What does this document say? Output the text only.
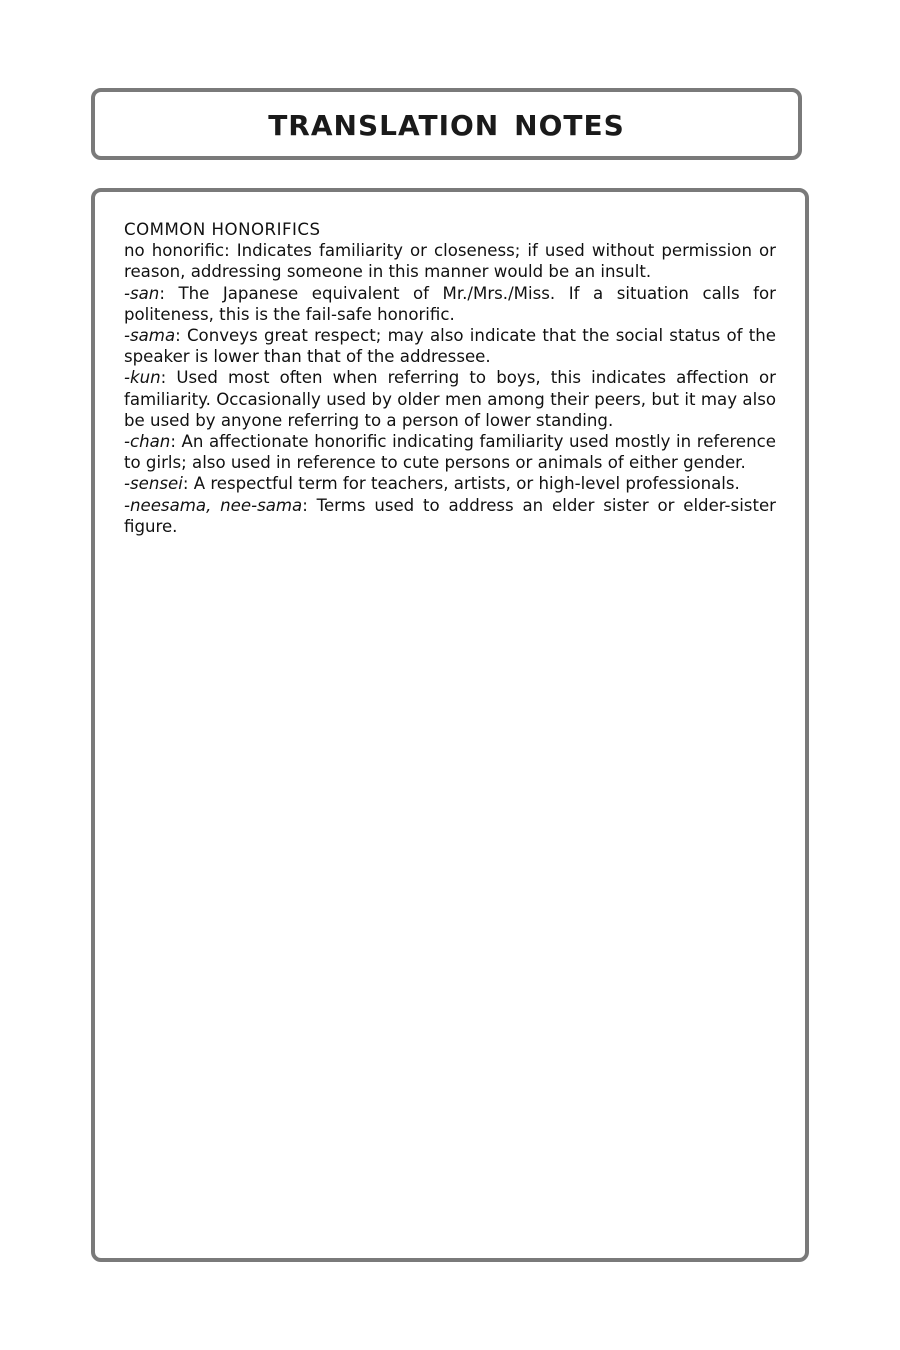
translation notes
COMMON HONORIFICS
no honorific: Indicates familiarity or closeness; if used without permission or reason, addressing someone in this manner would be an insult.
-san: The Japanese equivalent of Mr./Mrs./Miss. If a situation calls for politeness, this is the fail-safe honorific.
-sama: Conveys great respect; may also indicate that the social status of the speaker is lower than that of the addressee.
-kun: Used most often when referring to boys, this indicates affection or familiarity. Occasionally used by older men among their peers, but it may also be used by anyone referring to a person of lower standing.
-chan: An affectionate honorific indicating familiarity used mostly in reference to girls; also used in reference to cute persons or animals of either gender.
-sensei: A respectful term for teachers, artists, or high-level professionals.
-neesama, nee-sama: Terms used to address an elder sister or elder-sister figure.
